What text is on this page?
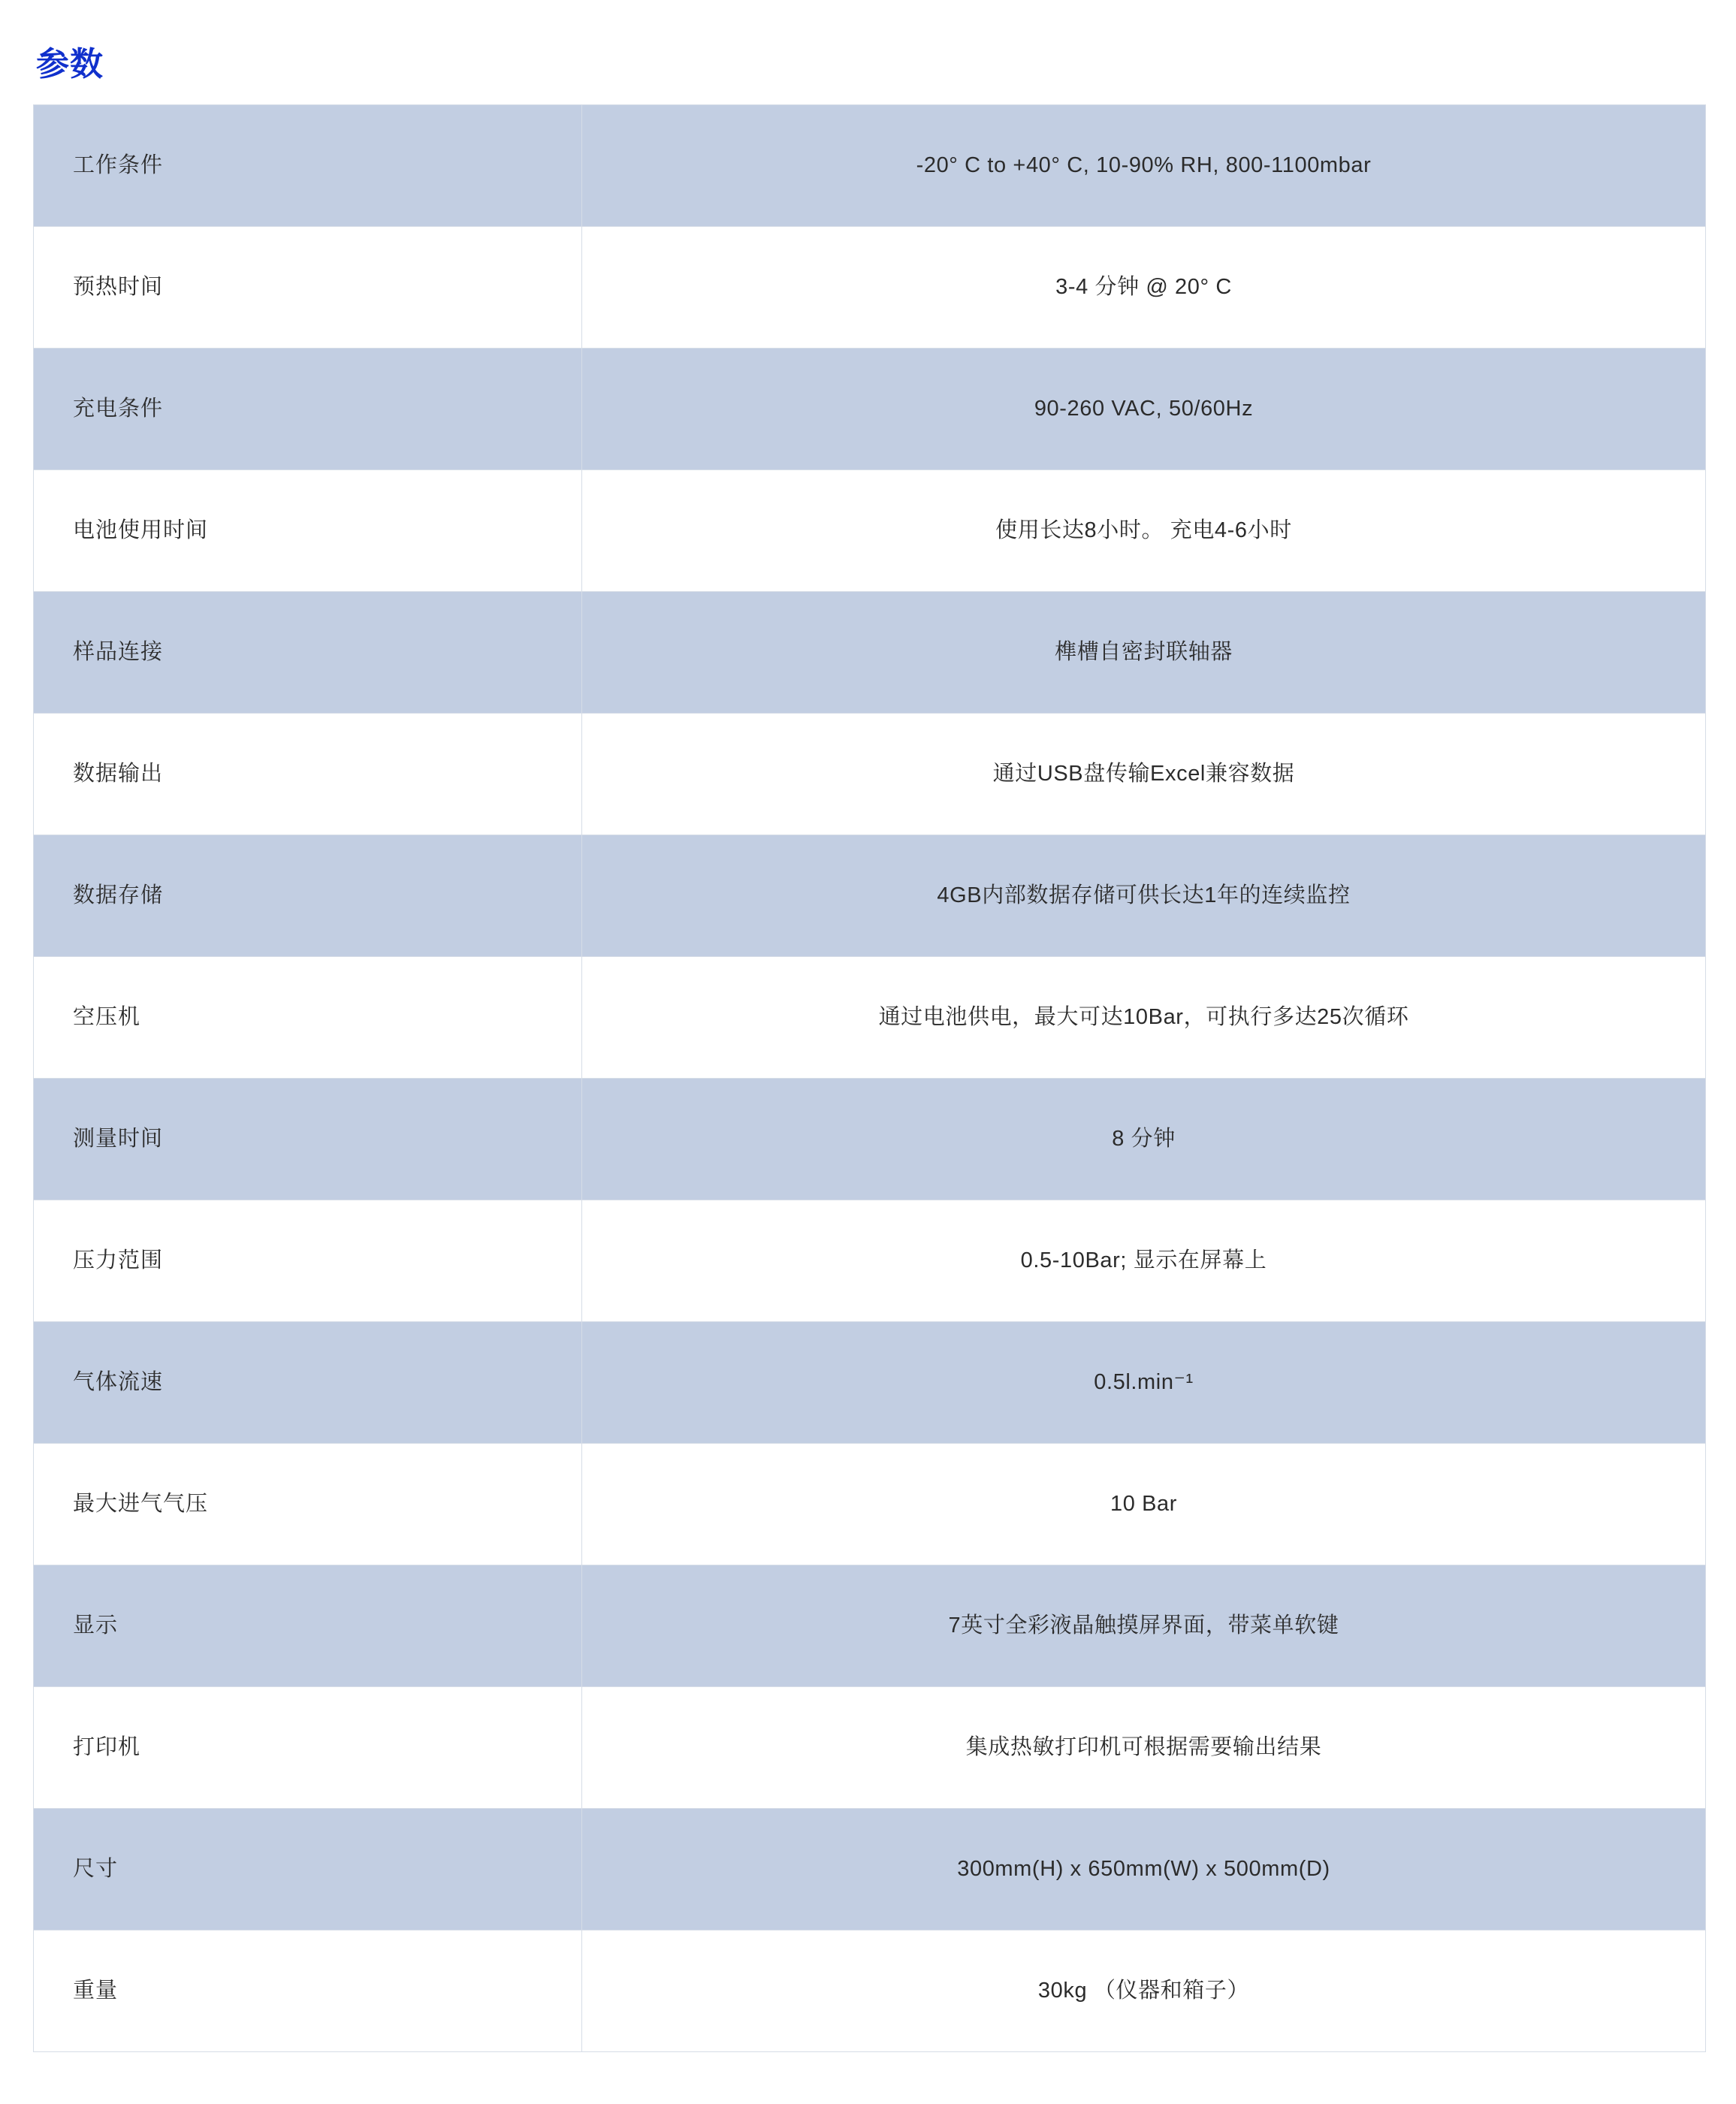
参数
工作条件	-20° C to +40° C, 10-90% RH, 800-1100mbar
预热时间	3-4 分钟 @ 20° C
充电条件	90-260 VAC, 50/60Hz
电池使用时间	使用长达8小时。 充电4-6小时
样品连接	榫槽自密封联轴器
数据输出	通过USB盘传输Excel兼容数据
数据存储	4GB内部数据存储可供长达1年的连续监控
空压机	通过电池供电，最大可达10Bar，可执行多达25次循环
测量时间	8 分钟
压力范围	0.5-10Bar; 显示在屏幕上
气体流速	0.5l.min⁻¹
最大进气气压	10 Bar
显示	7英寸全彩液晶触摸屏界面，带菜单软键
打印机	集成热敏打印机可根据需要输出结果
尺寸	300mm(H) x 650mm(W) x 500mm(D)
重量	30kg （仪器和箱子）
